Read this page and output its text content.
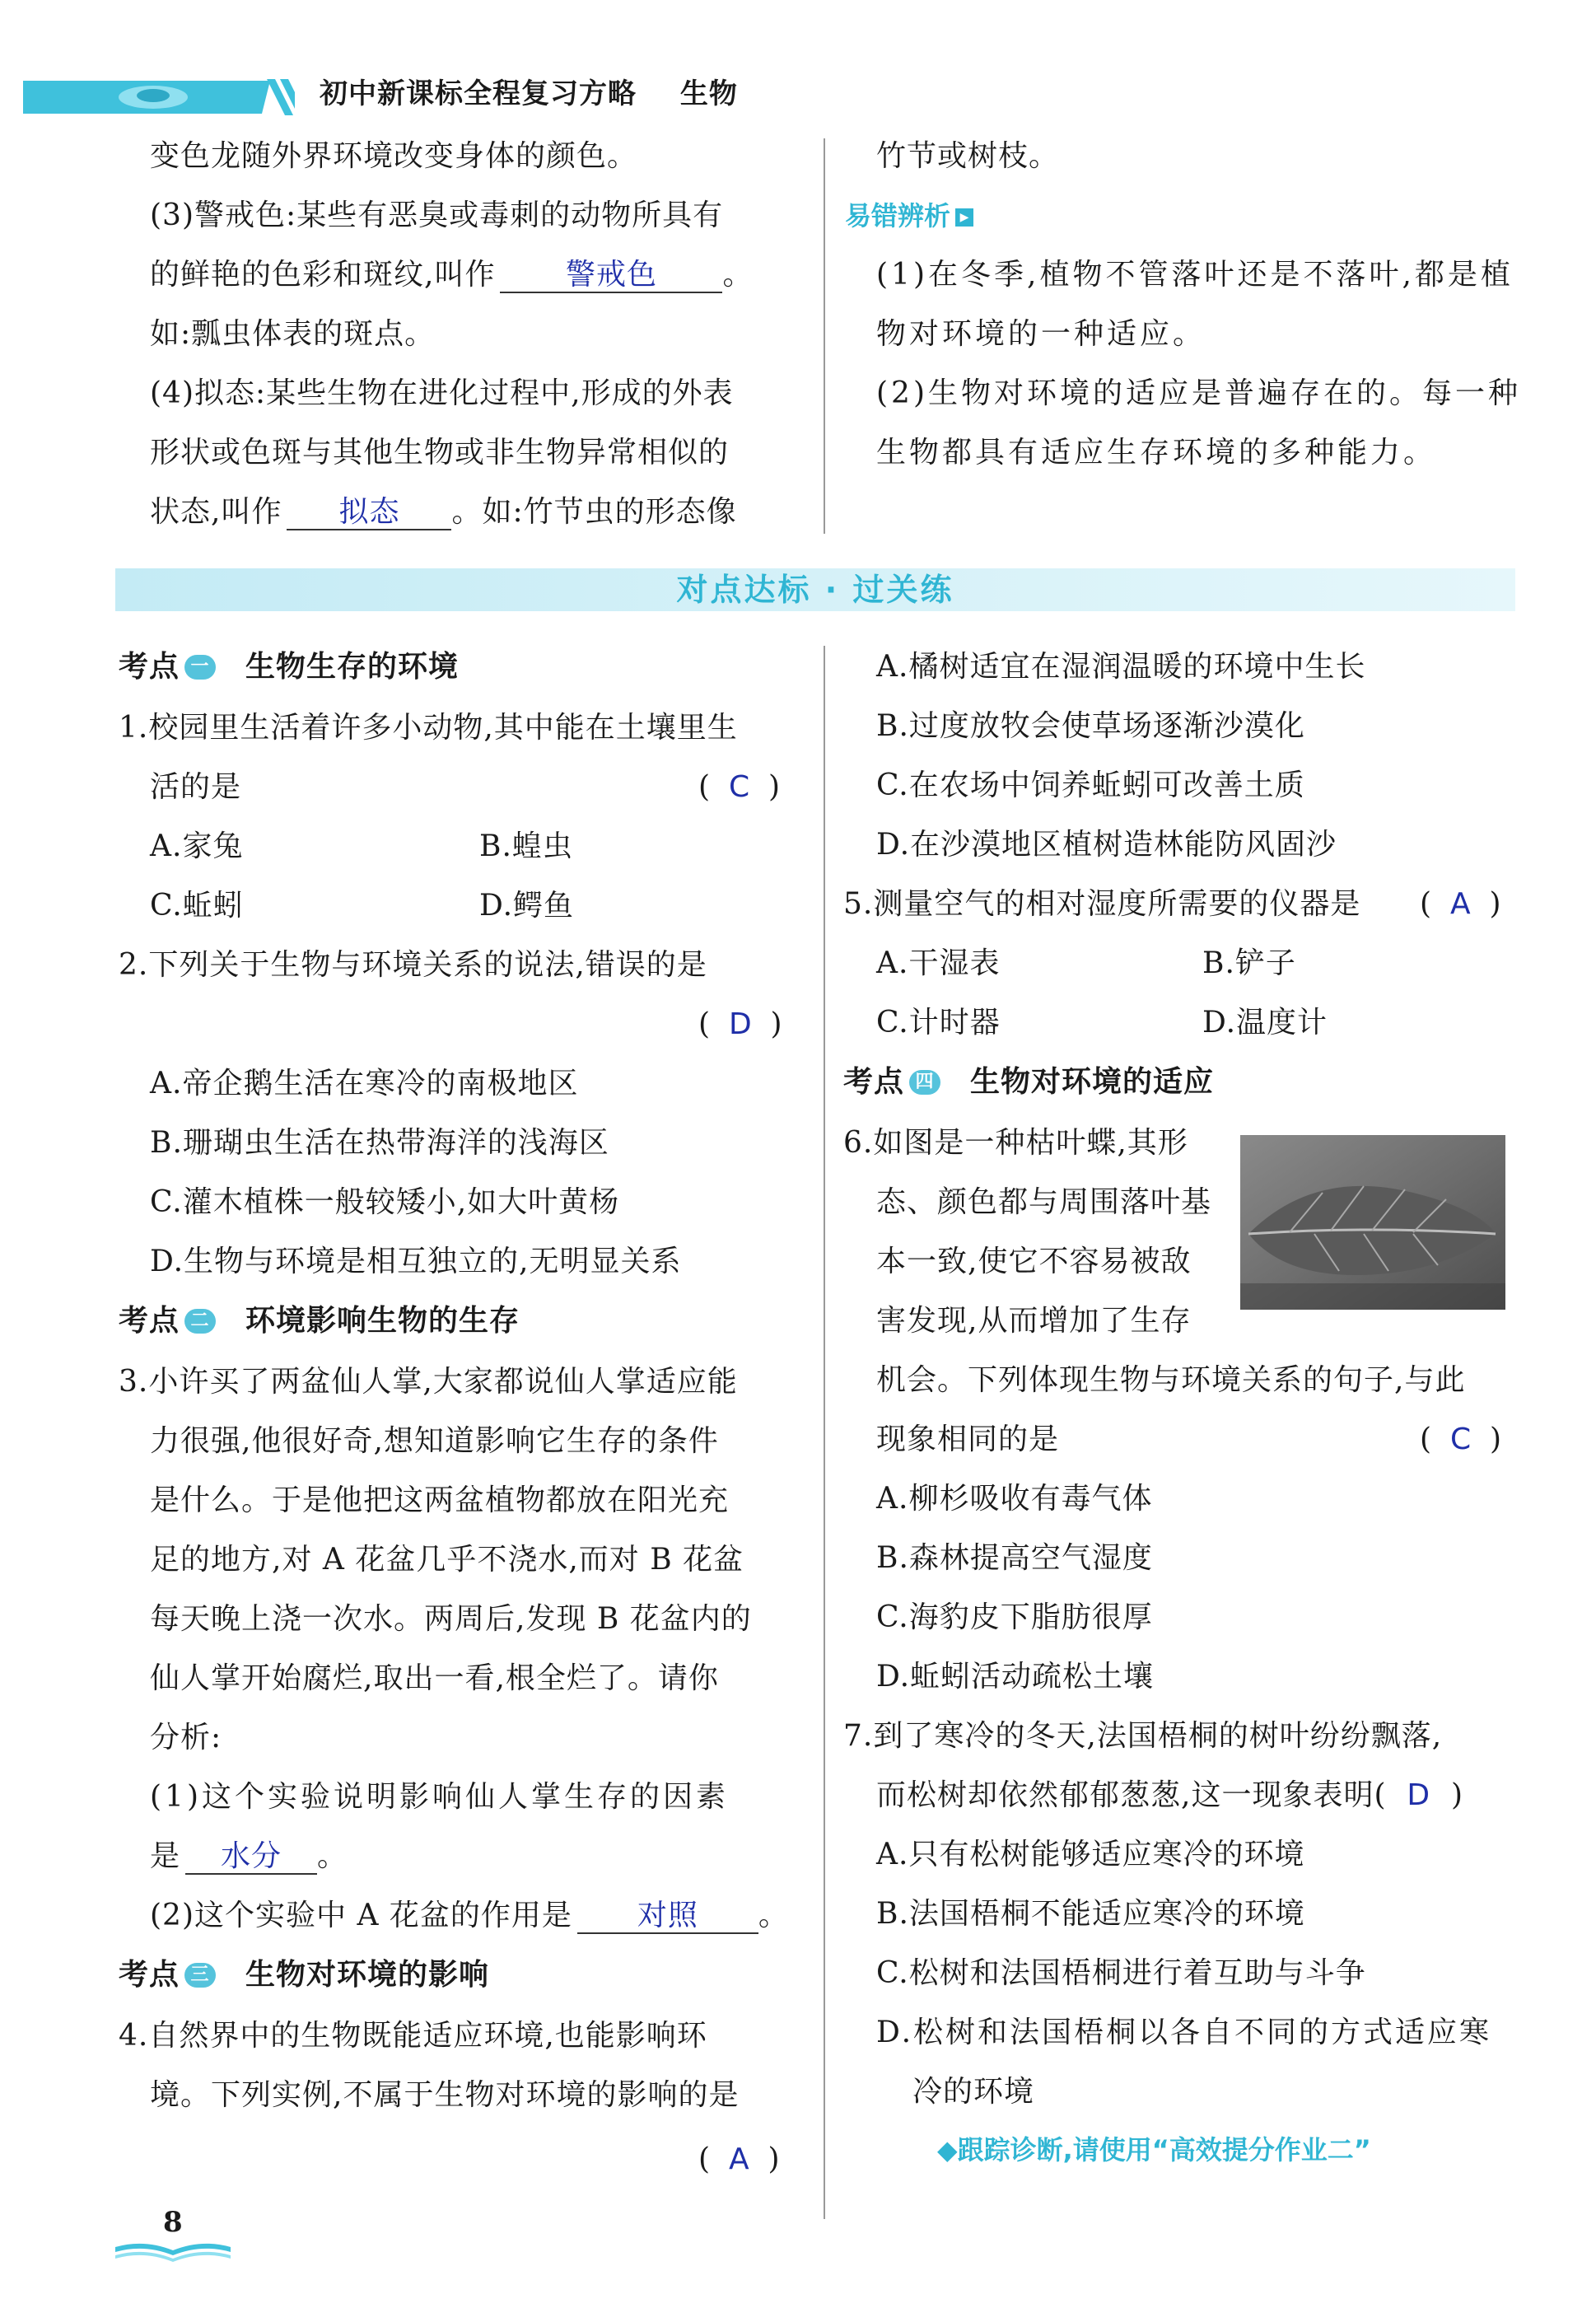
初中新课标全程复习方略 生物
变色龙随外界环境改变身体的颜色。
(3)警戒色:某些有恶臭或毒刺的动物所具有
的鲜艳的色彩和斑纹,叫作 警戒色 。
如:瓢虫体表的斑点。
(4)拟态:某些生物在进化过程中,形成的外表
形状或色斑与其他生物或非生物异常相似的
状态,叫作 拟态 。如:竹节虫的形态像
竹节或树枝。
易错辨析 ▶
(1)在冬季,植物不管落叶还是不落叶,都是植
物对环境的一种适应。
(2)生物对环境的适应是普遍存在的。每一种
生物都具有适应生存环境的多种能力。
对点达标 · 过关练
考点 一 生物生存的环境
1.校园里生活着许多小动物,其中能在土壤里生
活的是	(  C  )
A.家兔	B.蝗虫
C.蚯蚓	D.鳄鱼
2.下列关于生物与环境关系的说法,错误的是
(  D  )
A.帝企鹅生活在寒冷的南极地区
B.珊瑚虫生活在热带海洋的浅海区
C.灌木植株一般较矮小,如大叶黄杨
D.生物与环境是相互独立的,无明显关系
考点 二 环境影响生物的生存
3.小许买了两盆仙人掌,大家都说仙人掌适应能
力很强,他很好奇,想知道影响它生存的条件
是什么。于是他把这两盆植物都放在阳光充
足的地方,对 A 花盆几乎不浇水,而对 B 花盆
每天晚上浇一次水。两周后,发现 B 花盆内的
仙人掌开始腐烂,取出一看,根全烂了。请你
分析:
(1)这个实验说明影响仙人掌生存的因素
是 水分 。
(2)这个实验中 A 花盆的作用是 对照 。
考点 三 生物对环境的影响
4.自然界中的生物既能适应环境,也能影响环
境。下列实例,不属于生物对环境的影响的是
(  A  )
A.橘树适宜在湿润温暖的环境中生长
B.过度放牧会使草场逐渐沙漠化
C.在农场中饲养蚯蚓可改善土质
D.在沙漠地区植树造林能防风固沙
5.测量空气的相对湿度所需要的仪器是 (  A  )
A.干湿表	B.铲子
C.计时器	D.温度计
考点 四 生物对环境的适应
6.如图是一种枯叶蝶,其形
态、颜色都与周围落叶基
本一致,使它不容易被敌
害发现,从而增加了生存
机会。下列体现生物与环境关系的句子,与此
现象相同的是	(  C  )
A.柳杉吸收有毒气体
B.森林提高空气湿度
C.海豹皮下脂肪很厚
D.蚯蚓活动疏松土壤
7.到了寒冷的冬天,法国梧桐的树叶纷纷飘落,
而松树却依然郁郁葱葱,这一现象表明(  D  )
A.只有松树能够适应寒冷的环境
B.法国梧桐不能适应寒冷的环境
C.松树和法国梧桐进行着互助与斗争
D.松树和法国梧桐以各自不同的方式适应寒
冷的环境
◆跟踪诊断,请使用“高效提分作业二”
8
